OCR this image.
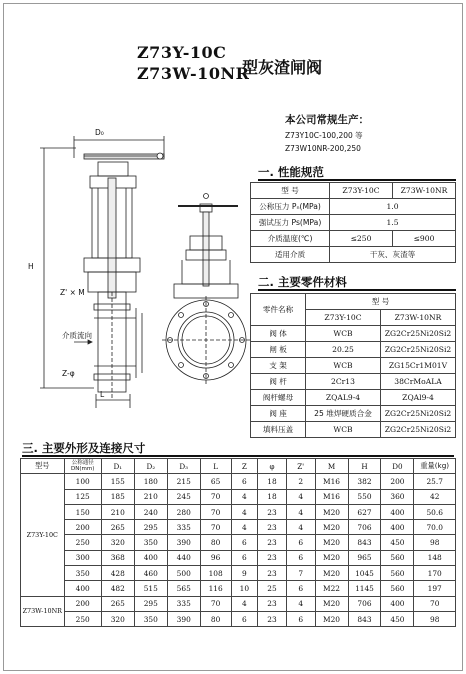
Z73Y-10C
Z73W-10NR
型灰渣闸阀
本公司常规生产：
Z73Y10C-100,200 等
Z73W10NR-200,250
D₀
H
Z' × M
介质流向
Z-φ
L
一. 性能规范
型 号	Z73Y-10C	Z73W-10NR
公称压力 Pₙ(MPa)	1.0	
强试压力 Ps(MPa)	1.5	
介质温度(℃)	≤250	≤900
适用介质	干灰、灰渣等	
二. 主要零件材料
零件名称	型 号	
	Z73Y-10C	Z73W-10NR
阀 体	WCB	ZG2Cr25Ni20Si2
闸 板	20.25	ZG2Cr25Ni20Si2
支 架	WCB	ZG15Cr1M01V
阀 杆	2Cr13	38CrMoALA
阀杆螺母	ZQAL9-4	ZQAl9-4
阀 座	25 堆焊硬质合金	ZG2Cr25Ni20Si2
填料压盖	WCB	ZG2Cr25Ni20Si2
三. 主要外形及连接尺寸
型号	公称通径 DN(mm)	D₁	D₂	D₃	L	Z	φ	Z'	M	H	D0	重量(kg)
Z73Y-10C	100	155	180	215	65	6	18	2	M16	382	200	25.7
	125	185	210	245	70	4	18	4	M16	550	360	42
	150	210	240	280	70	4	23	4	M20	627	400	50.6
	200	265	295	335	70	4	23	4	M20	706	400	70.0
	250	320	350	390	80	6	23	6	M20	843	450	98
	300	368	400	440	96	6	23	6	M20	965	560	148
	350	428	460	500	108	9	23	7	M20	1045	560	170
	400	482	515	565	116	10	25	6	M22	1145	560	197
Z73W-10NR	200	265	295	335	70	4	23	4	M20	706	400	70
	250	320	350	390	80	6	23	6	M20	843	450	98
